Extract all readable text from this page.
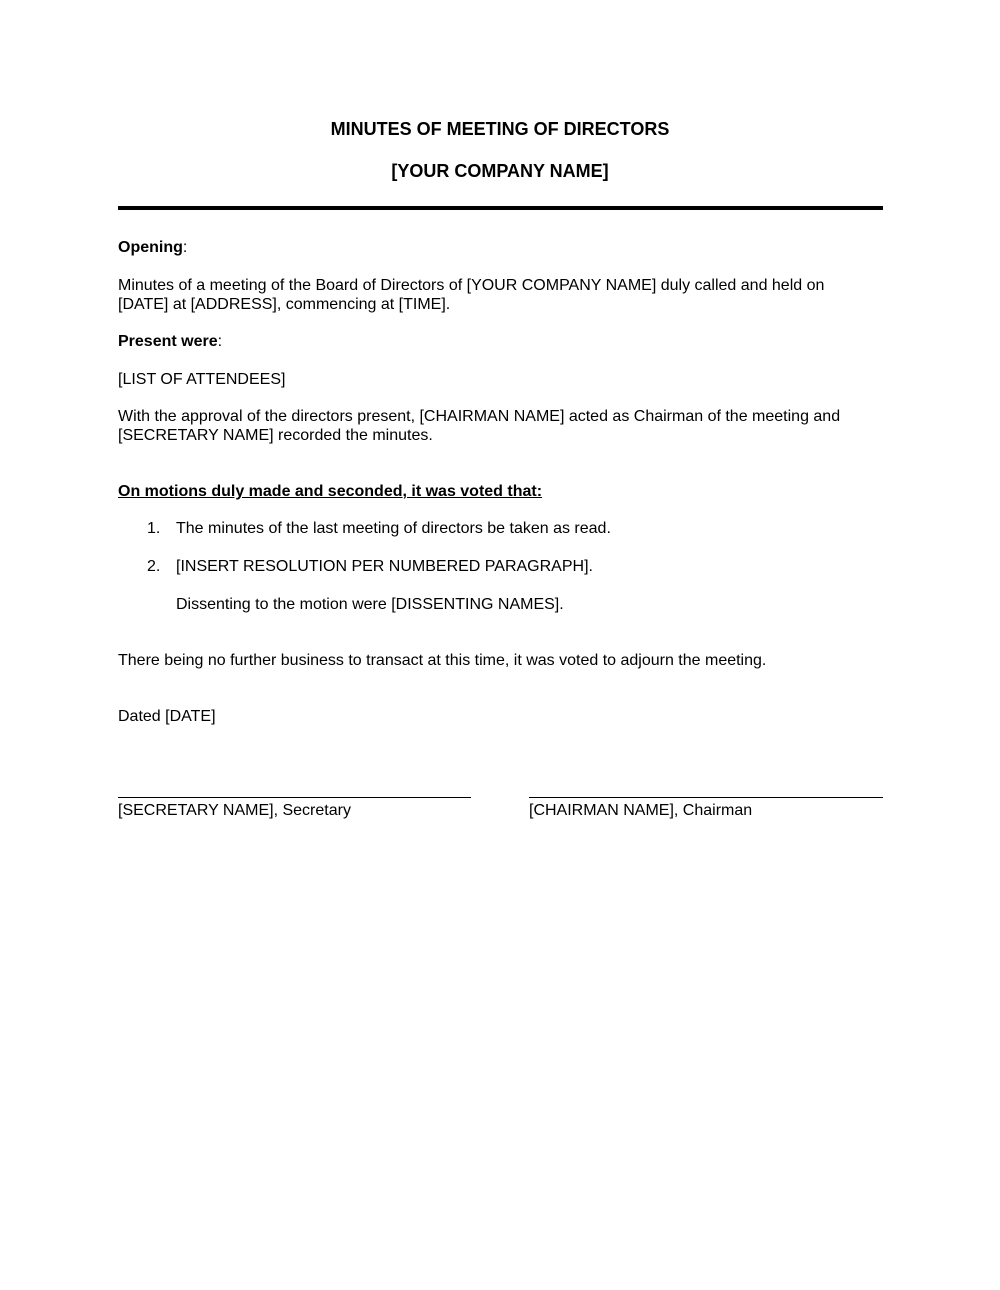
MINUTES OF MEETING OF DIRECTORS
[YOUR COMPANY NAME]
Opening:
Minutes of a meeting of the Board of Directors of [YOUR COMPANY NAME] duly called and held on
[DATE] at [ADDRESS], commencing at [TIME].
Present were:
[LIST OF ATTENDEES]
With the approval of the directors present, [CHAIRMAN NAME] acted as Chairman of the meeting and
[SECRETARY NAME] recorded the minutes.
On motions duly made and seconded, it was voted that:
1. The minutes of the last meeting of directors be taken as read.
2. [INSERT RESOLUTION PER NUMBERED PARAGRAPH].
Dissenting to the motion were [DISSENTING NAMES].
There being no further business to transact at this time, it was voted to adjourn the meeting.
Dated [DATE]
[SECRETARY NAME], Secretary	[CHAIRMAN NAME], Chairman
